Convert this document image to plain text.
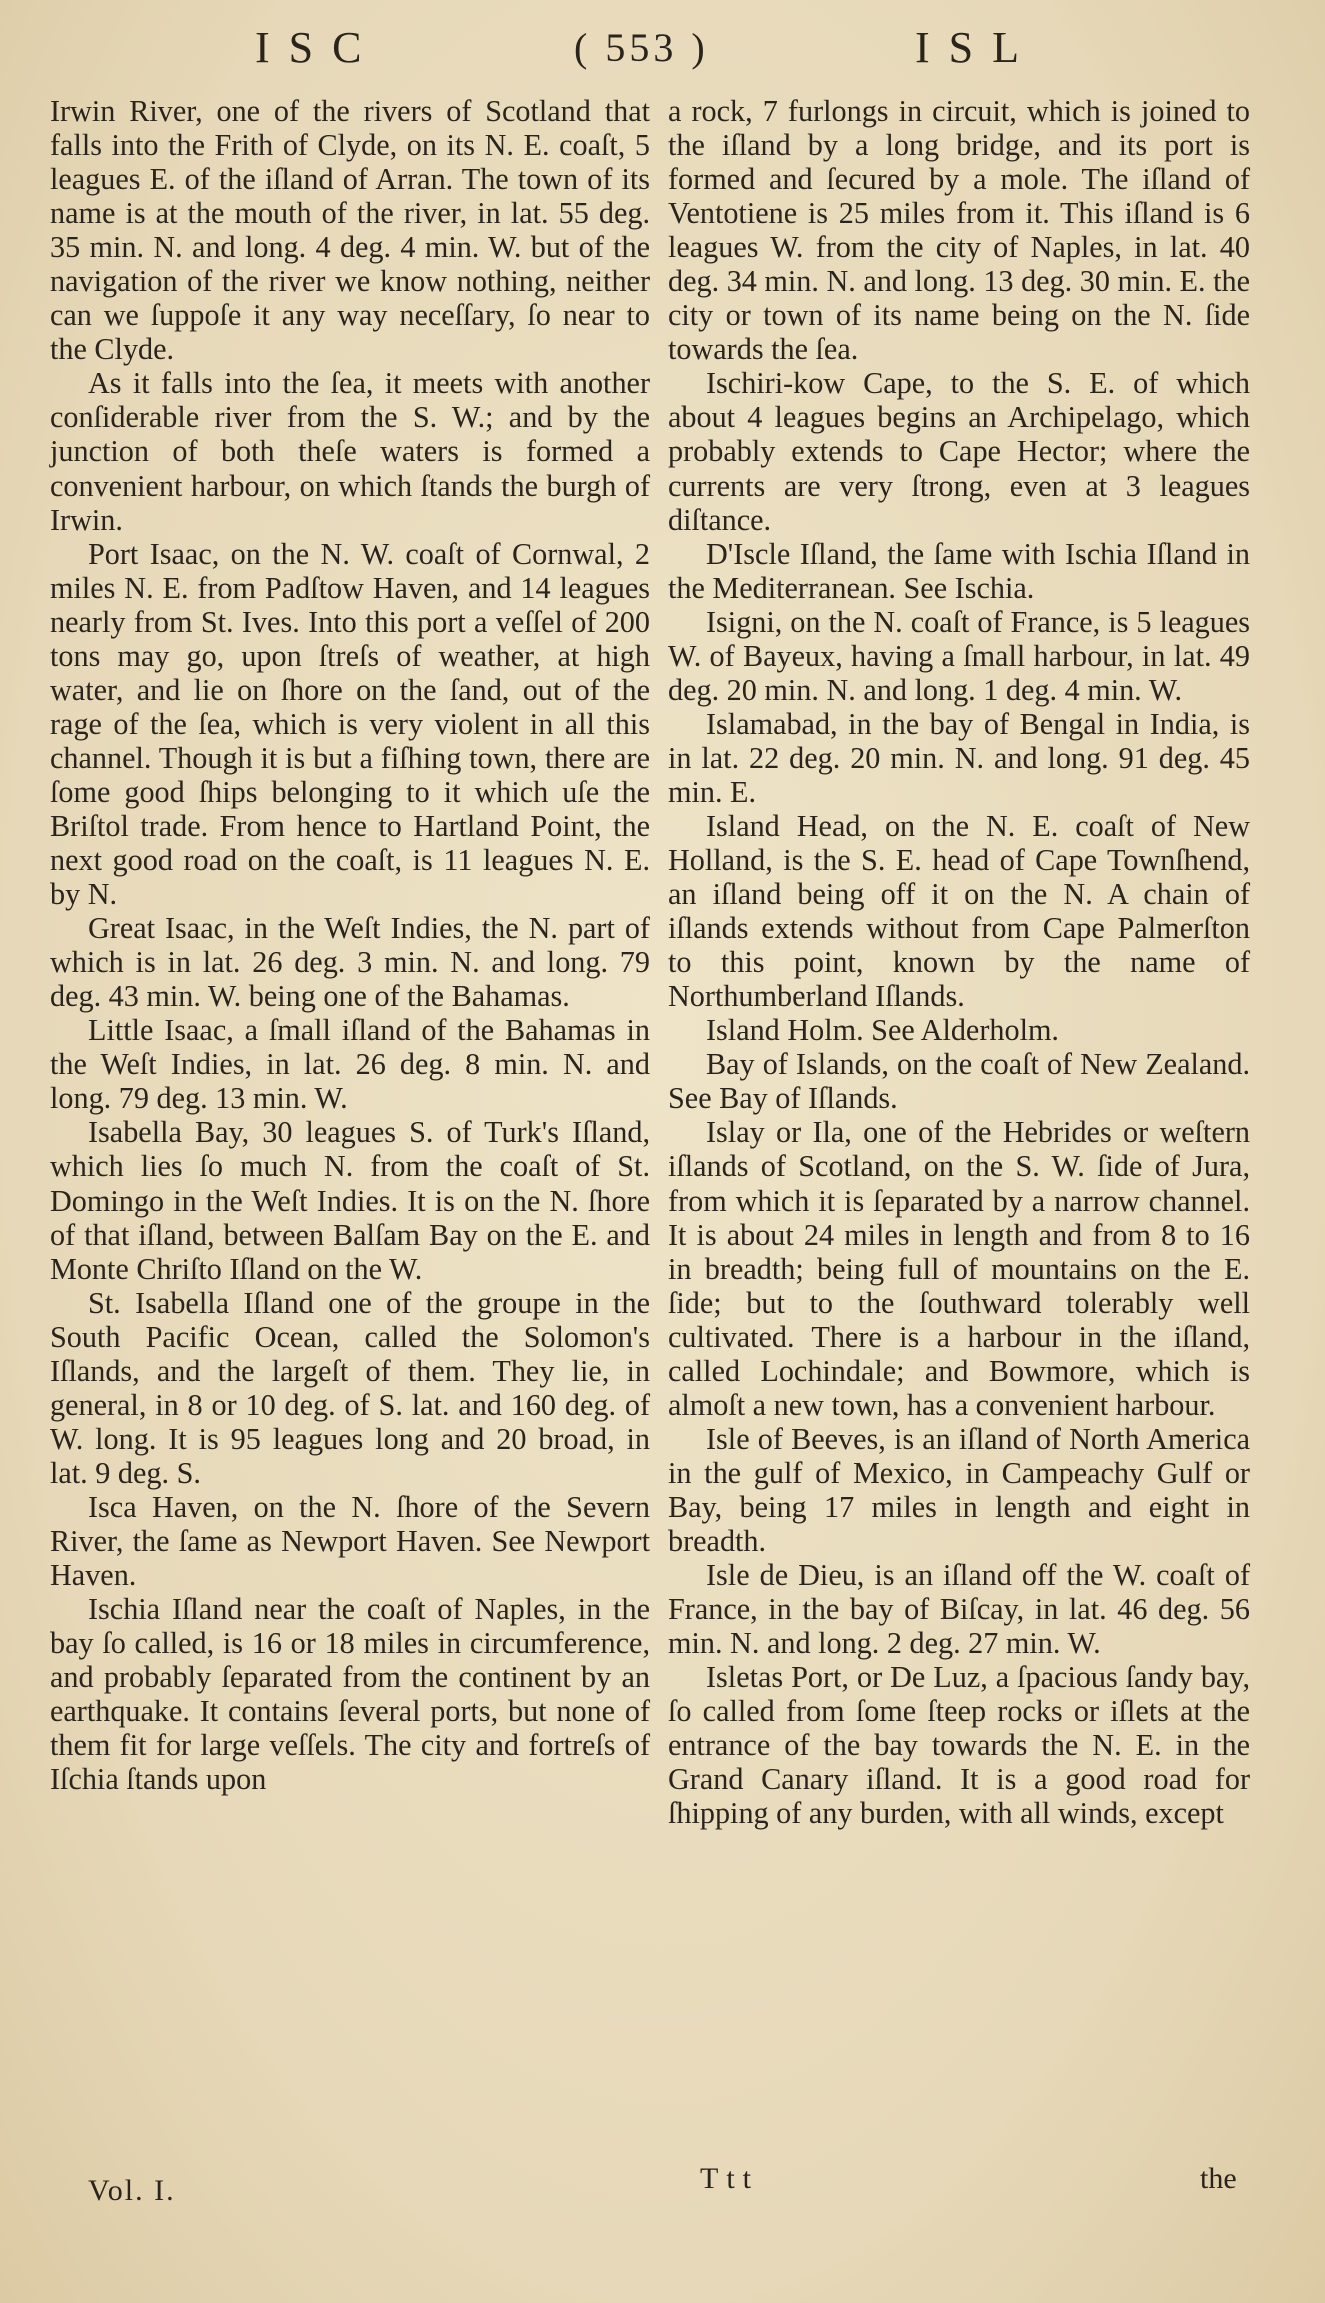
I S C	( 553 )	I S L

Irwin River, one of the rivers of Scotland that falls into the Frith of Clyde, on its N. E. coaſt, 5 leagues E. of the iſland of Arran. The town of its name is at the mouth of the river, in lat. 55 deg. 35 min. N. and long. 4 deg. 4 min. W. but of the navigation of the river we know nothing, neither can we ſuppoſe it any way neceſſary, ſo near to the Clyde.

As it falls into the ſea, it meets with another conſiderable river from the S. W.; and by the junction of both theſe waters is formed a convenient harbour, on which ſtands the burgh of Irwin.

Port Isaac, on the N. W. coaſt of Cornwal, 2 miles N. E. from Padſtow Haven, and 14 leagues nearly from St. Ives. Into this port a veſſel of 200 tons may go, upon ſtreſs of weather, at high water, and lie on ſhore on the ſand, out of the rage of the ſea, which is very violent in all this channel. Though it is but a fiſhing town, there are ſome good ſhips belonging to it which uſe the Briſtol trade. From hence to Hartland Point, the next good road on the coaſt, is 11 leagues N. E. by N.

Great Isaac, in the Weſt Indies, the N. part of which is in lat. 26 deg. 3 min. N. and long. 79 deg. 43 min. W. being one of the Bahamas.

Little Isaac, a ſmall iſland of the Bahamas in the Weſt Indies, in lat. 26 deg. 8 min. N. and long. 79 deg. 13 min. W.

Isabella Bay, 30 leagues S. of Turk's Iſland, which lies ſo much N. from the coaſt of St. Domingo in the Weſt Indies. It is on the N. ſhore of that iſland, between Balſam Bay on the E. and Monte Chriſto Iſland on the W.

St. Isabella Iſland one of the groupe in the South Pacific Ocean, called the Solomon's Iſlands, and the largeſt of them. They lie, in general, in 8 or 10 deg. of S. lat. and 160 deg. of W. long. It is 95 leagues long and 20 broad, in lat. 9 deg. S.

Isca Haven, on the N. ſhore of the Severn River, the ſame as Newport Haven. See Newport Haven.

Ischia Iſland near the coaſt of Naples, in the bay ſo called, is 16 or 18 miles in circumference, and probably ſeparated from the continent by an earthquake. It contains ſeveral ports, but none of them fit for large veſſels. The city and fortreſs of Iſchia ſtands upon

a rock, 7 furlongs in circuit, which is joined to the iſland by a long bridge, and its port is formed and ſecured by a mole. The iſland of Ventotiene is 25 miles from it. This iſland is 6 leagues W. from the city of Naples, in lat. 40 deg. 34 min. N. and long. 13 deg. 30 min. E. the city or town of its name being on the N. ſide towards the ſea.

Ischiri-kow Cape, to the S. E. of which about 4 leagues begins an Archipelago, which probably extends to Cape Hector; where the currents are very ſtrong, even at 3 leagues diſtance.

D'Iscle Iſland, the ſame with Ischia Iſland in the Mediterranean. See Ischia.

Isigni, on the N. coaſt of France, is 5 leagues W. of Bayeux, having a ſmall harbour, in lat. 49 deg. 20 min. N. and long. 1 deg. 4 min. W.

Islamabad, in the bay of Bengal in India, is in lat. 22 deg. 20 min. N. and long. 91 deg. 45 min. E.

Island Head, on the N. E. coaſt of New Holland, is the S. E. head of Cape Townſhend, an iſland being off it on the N. A chain of iſlands extends without from Cape Palmerſton to this point, known by the name of Northumberland Iſlands.

Island Holm. See Alderholm.

Bay of Islands, on the coaſt of New Zealand. See Bay of Iſlands.

Islay or Ila, one of the Hebrides or weſtern iſlands of Scotland, on the S. W. ſide of Jura, from which it is ſeparated by a narrow channel. It is about 24 miles in length and from 8 to 16 in breadth; being full of mountains on the E. ſide; but to the ſouthward tolerably well cultivated. There is a harbour in the iſland, called Lochindale; and Bowmore, which is almoſt a new town, has a convenient harbour.

Isle of Beeves, is an iſland of North America in the gulf of Mexico, in Campeachy Gulf or Bay, being 17 miles in length and eight in breadth.

Isle de Dieu, is an iſland off the W. coaſt of France, in the bay of Biſcay, in lat. 46 deg. 56 min. N. and long. 2 deg. 27 min. W.

Isletas Port, or De Luz, a ſpacious ſandy bay, ſo called from ſome ſteep rocks or iſlets at the entrance of the bay towards the N. E. in the Grand Canary iſland. It is a good road for ſhipping of any burden, with all winds, except

Vol. I.	Ttt	the
